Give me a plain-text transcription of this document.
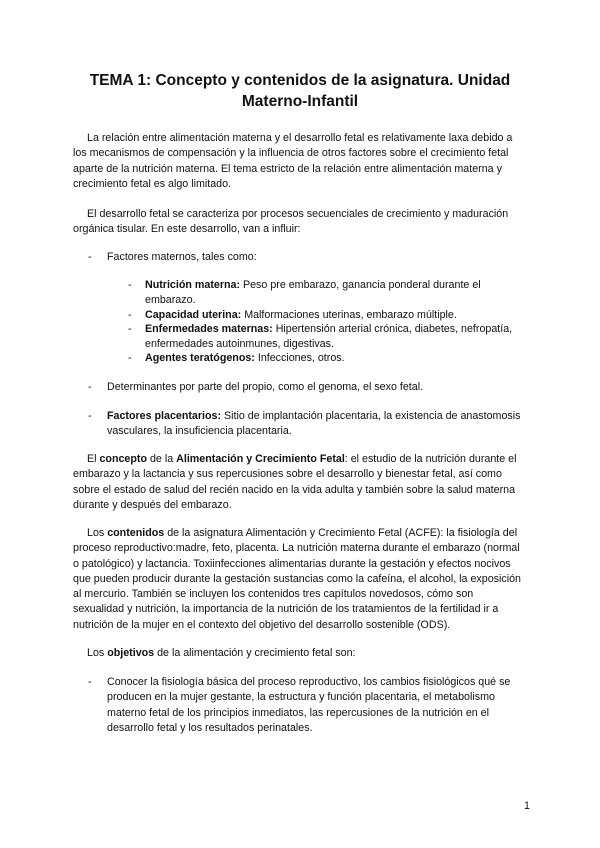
TEMA 1: Concepto y contenidos de la asignatura. Unidad Materno-Infantil

La relación entre alimentación materna y el desarrollo fetal es relativamente laxa debido a los mecanismos de compensación y la influencia de otros factores sobre el crecimiento fetal aparte de la nutrición materna. El tema estricto de la relación entre alimentación materna y crecimiento fetal es algo limitado.

El desarrollo fetal se caracteriza por procesos secuenciales de crecimiento y maduración orgánica tisular. En este desarrollo, van a influir:

- Factores maternos, tales como:
- Nutrición materna: Peso pre embarazo, ganancia ponderal durante el embarazo.
- Capacidad uterina: Malformaciones uterinas, embarazo múltiple.
- Enfermedades maternas: Hipertensión arterial crónica, diabetes, nefropatía, enfermedades autoinmunes, digestivas.
- Agentes teratógenos: Infecciones, otros.
- Determinantes por parte del propio, como el genoma, el sexo fetal.
- Factores placentarios: Sitio de implantación placentaria, la existencia de anastomosis vasculares, la insuficiencia placentaria.

El concepto de la Alimentación y Crecimiento Fetal: el estudio de la nutrición durante el embarazo y la lactancia y sus repercusiones sobre el desarrollo y bienestar fetal, así como sobre el estado de salud del recién nacido en la vida adulta y también sobre la salud materna durante y después del embarazo.

Los contenidos de la asignatura Alimentación y Crecimiento Fetal (ACFE): la fisiología del proceso reproductivo:madre, feto, placenta. La nutrición materna durante el embarazo (normal o patológico) y lactancia. Toxiinfecciones alimentarias durante la gestación y efectos nocivos que pueden producir durante la gestación sustancias como la cafeína, el alcohol, la exposición al mercurio. También se incluyen los contenidos tres capítulos novedosos, cómo son sexualidad y nutrición, la importancia de la nutrición de los tratamientos de la fertilidad ir a nutrición de la mujer en el contexto del objetivo del desarrollo sostenible (ODS).

Los objetivos de la alimentación y crecimiento fetal son:

- Conocer la fisiología básica del proceso reproductivo, los cambios fisiológicos qué se producen en la mujer gestante, la estructura y función placentaria, el metabolismo materno fetal de los principios inmediatos, las repercusiones de la nutrición en el desarrollo fetal y los resultados perinatales.
1
